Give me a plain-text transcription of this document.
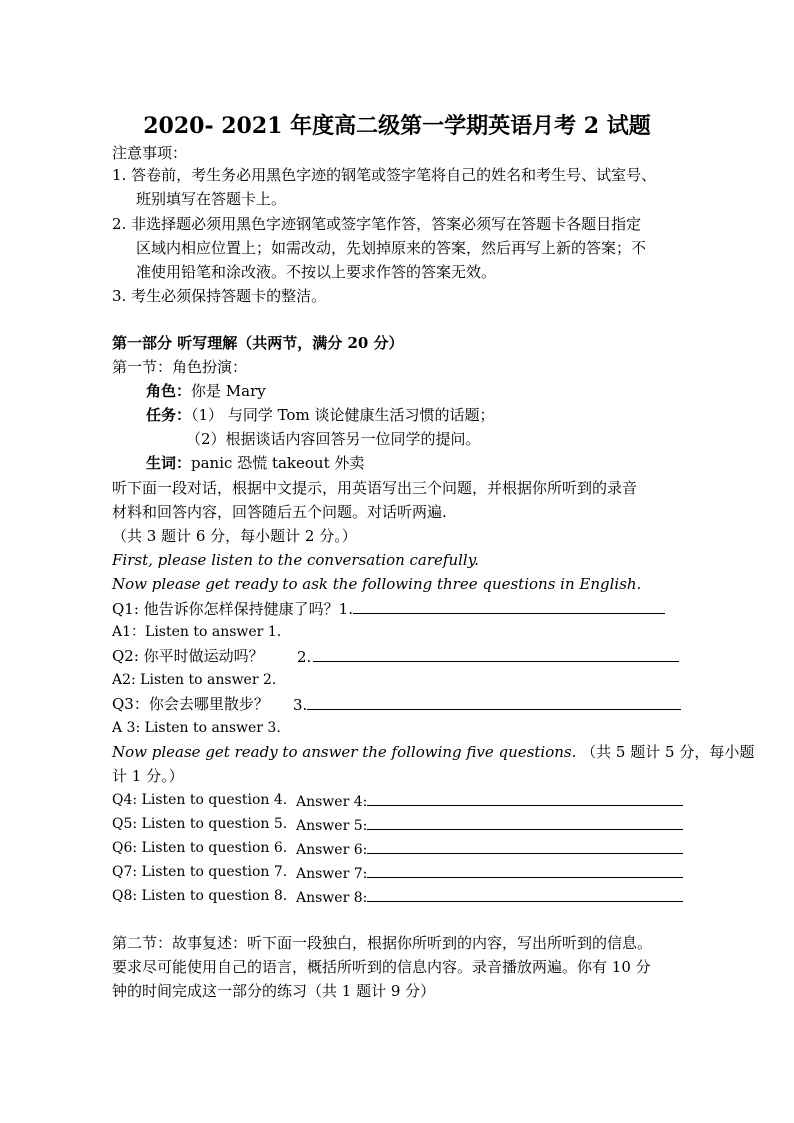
2020- 2021 年度高二级第一学期英语月考 2 试题
注意事项：
1. 答卷前，考生务必用黑色字迹的钢笔或签字笔将自己的姓名和考生号、试室号、
班别填写在答题卡上。
2. 非选择题必须用黑色字迹钢笔或签字笔作答，答案必须写在答题卡各题目指定
区域内相应位置上；如需改动，先划掉原来的答案，然后再写上新的答案；不
准使用铅笔和涂改液。不按以上要求作答的答案无效。
3. 考生必须保持答题卡的整洁。
第一部分 听写理解（共两节，满分 20 分）
第一节：角色扮演：
角色：你是 Mary
任务：（1） 与同学 Tom 谈论健康生活习惯的话题；
（2）根据谈话内容回答另一位同学的提问。
生词：panic 恐慌 takeout 外卖
听下面一段对话，根据中文提示，用英语写出三个问题，并根据你所听到的录音
材料和回答内容，回答随后五个问题。对话听两遍.
（共 3 题计 6 分，每小题计 2 分。）
First, please listen to the conversation carefully.
Now please get ready to ask the following three questions in English.
Q1: 他告诉你怎样保持健康了吗？1.
A1：Listen to answer 1.
Q2: 你平时做运动吗？ 2.
A2: Listen to answer 2.
Q3：你会去哪里散步？ 3.
A 3: Listen to answer 3.
Now please get ready to answer the following five questions. （共 5 题计 5 分，每小题
计 1 分。）
Q4: Listen to question 4. Answer 4:
Q5: Listen to question 5. Answer 5:
Q6: Listen to question 6. Answer 6:
Q7: Listen to question 7. Answer 7:
Q8: Listen to question 8. Answer 8:
第二节：故事复述：听下面一段独白，根据你所听到的内容，写出所听到的信息。
要求尽可能使用自己的语言，概括所听到的信息内容。录音播放两遍。你有 10 分
钟的时间完成这一部分的练习（共 1 题计 9 分）
